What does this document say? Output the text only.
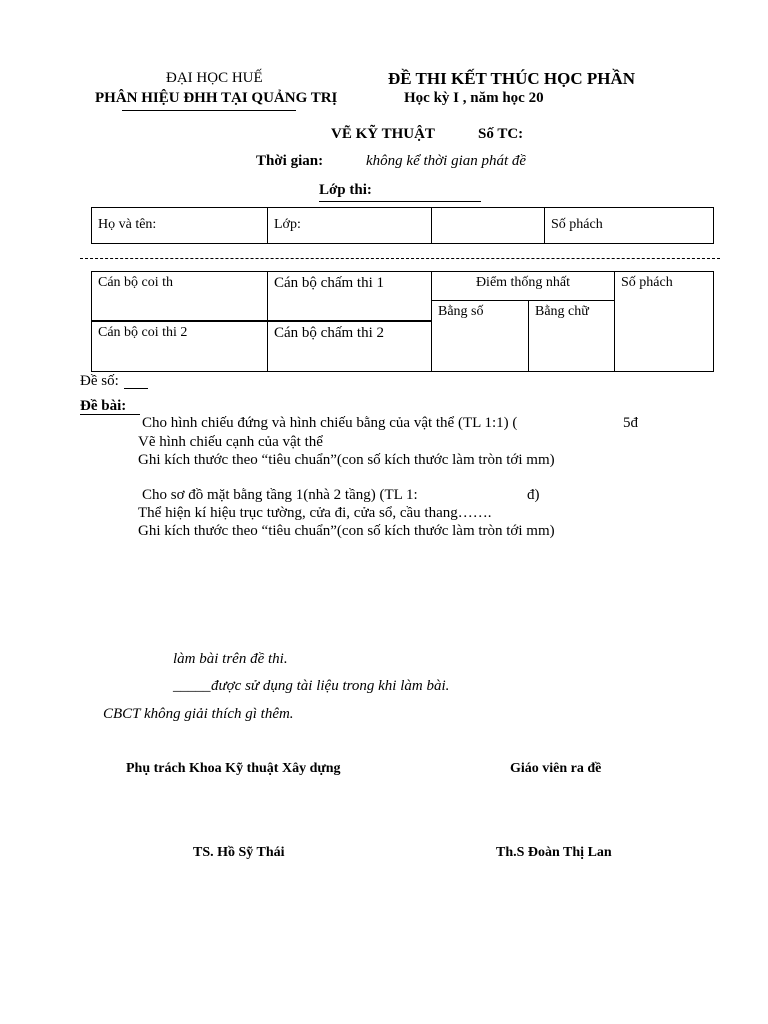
ĐẠI HỌC HUẾ
PHÂN HIỆU ĐHH TẠI QUẢNG TRỊ
ĐỀ THI KẾT THÚC HỌC PHẦN
Học kỳ I , năm học 20
VẼ KỸ THUẬT	Số TC:
Thời gian:	không kể thời gian phát đề
Lớp thi:
Họ và tên:	Lớp:		Số phách
Cán bộ coi th	Cán bộ chấm thi 1	Điểm thống nhất		Số phách

		Bằng số	Bằng chữ	

Cán bộ coi thi 2	Cán bộ chấm thi 2			
Đề số:
Đề bài:
Cho hình chiếu đứng và hình chiếu bằng của vật thể (TL 1:1) (	5đ
Vẽ hình chiếu cạnh của vật thể
Ghi kích thước theo “tiêu chuẩn”(con số kích thước làm tròn tới mm)
Cho sơ đồ mặt bằng tầng 1(nhà 2 tầng) (TL 1:	đ)
Thể hiện kí hiệu trục tường, cửa đi, cửa sổ, cầu thang…….
Ghi kích thước theo “tiêu chuẩn”(con số kích thước làm tròn tới mm)
làm bài trên đề thi.
_____ được sử dụng tài liệu trong khi làm bài.
CBCT không giải thích gì thêm.
Phụ trách Khoa Kỹ thuật Xây dựng	Giáo viên ra đề
TS. Hồ Sỹ Thái	Th.S Đoàn Thị Lan
